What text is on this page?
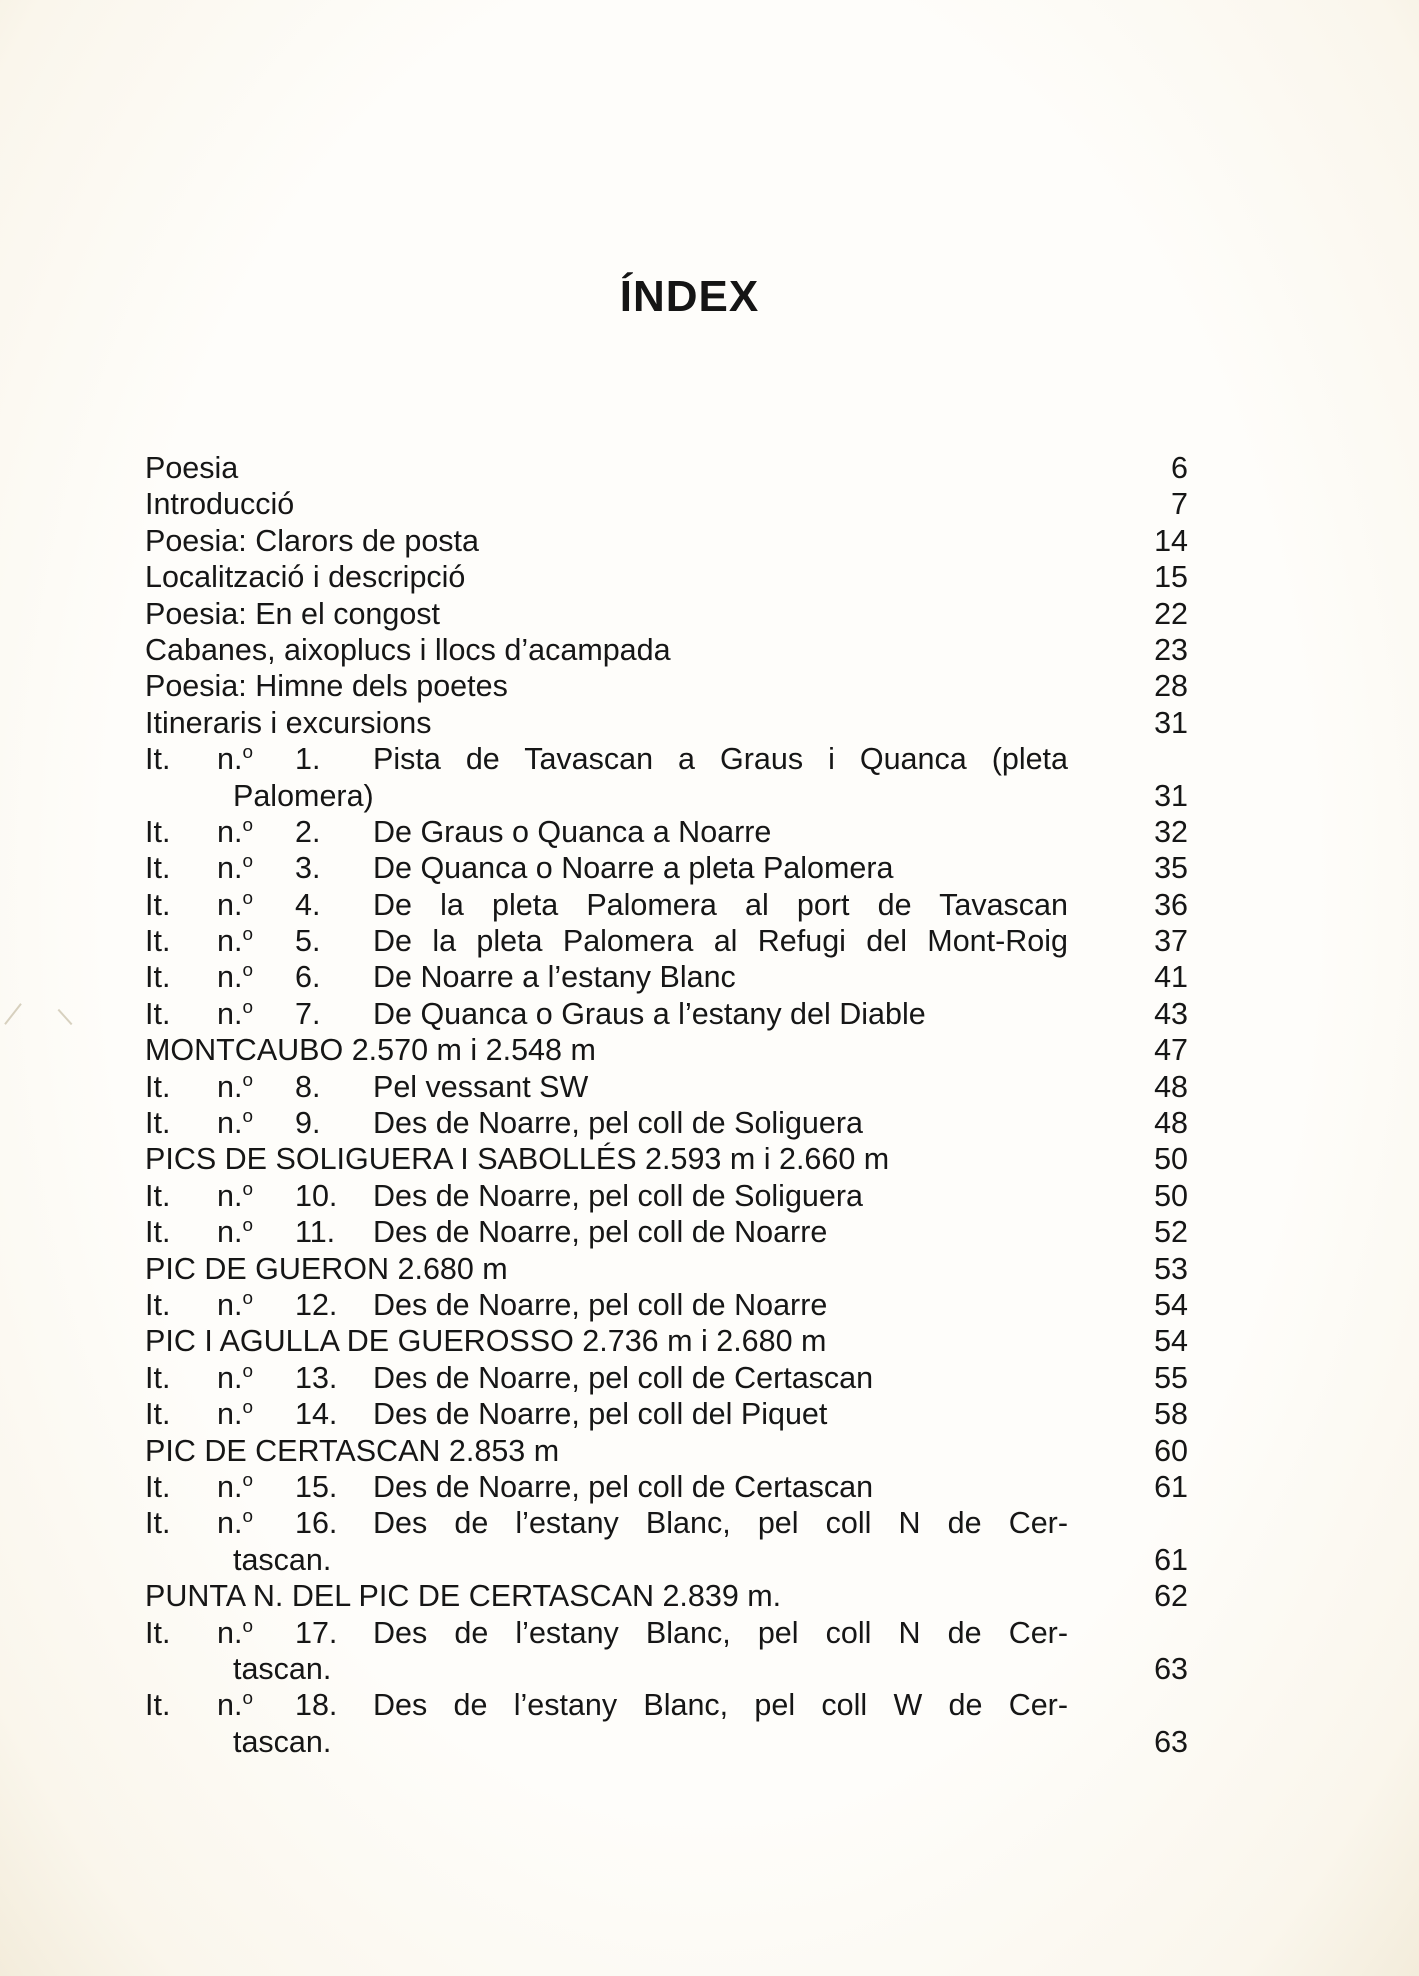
ÍNDEX
Poesia	6
Introducció	7
Poesia: Clarors de posta	14
Localització i descripció	15
Poesia: En el congost	22
Cabanes, aixoplucs i llocs d’acampada	23
Poesia: Himne dels poetes	28
Itineraris i excursions	31
It.	n.$^o$	1.	Pista de Tavascan a Graus i Quanca (pleta
Palomera)	31
It.	n.$^o$	2.	De Graus o Quanca a Noarre	32
It.	n.$^o$	3.	De Quanca o Noarre a pleta Palomera	35
It.	n.$^o$	4.	De la pleta Palomera al port de Tavascan	36
It.	n.$^o$	5.	De la pleta Palomera al Refugi del Mont-Roig	37
It.	n.$^o$	6.	De Noarre a l’estany Blanc	41
It.	n.$^o$	7.	De Quanca o Graus a l’estany del Diable	43
MONTCAUBO 2.570 m i 2.548 m	47
It.	n.$^o$	8.	Pel vessant SW	48
It.	n.$^o$	9.	Des de Noarre, pel coll de Soliguera	48
PICS DE SOLIGUERA I SABOLLÉS 2.593 m i 2.660 m	50
It.	n.$^o$	10. Des de Noarre, pel coll de Soliguera	50
It.	n.$^o$	11. Des de Noarre, pel coll de Noarre	52
PIC DE GUERON 2.680 m	53
It.	n.$^o$	12. Des de Noarre, pel coll de Noarre	54
PIC I AGULLA DE GUEROSSO 2.736 m i 2.680 m	54
It.	n.$^o$	13. Des de Noarre, pel coll de Certascan	55
It.	n.$^o$	14. Des de Noarre, pel coll del Piquet	58
PIC DE CERTASCAN 2.853 m	60
It.	n.$^o$	15. Des de Noarre, pel coll de Certascan	61
It.	n.$^o$	16. Des de l’estany Blanc, pel coll N de Cer-
tascan.	61
PUNTA N. DEL PIC DE CERTASCAN 2.839 m.	62
It.	n.$^o$	17. Des de l’estany Blanc, pel coll N de Cer-
tascan.	63
It.	n.$^o$	18. Des de l’estany Blanc, pel coll W de Cer-
tascan.	63
